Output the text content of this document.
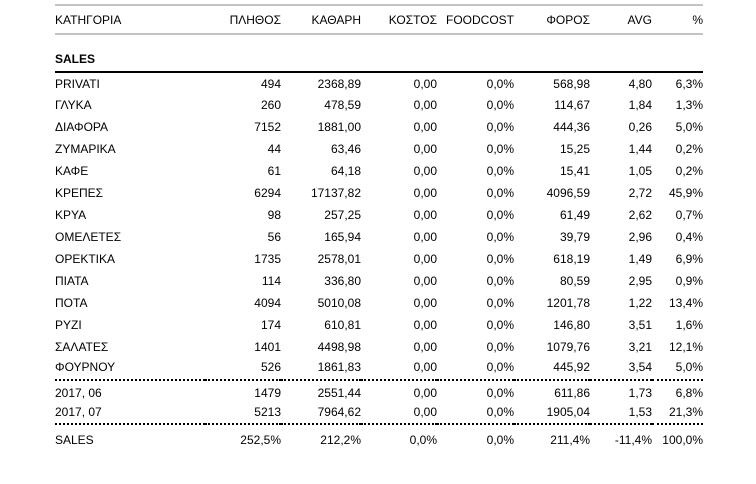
ΚΑΤΗΓΟΡΙΑ	ΠΛΗΘΟΣ	ΚΑΘΑΡΗ	ΚΟΣΤΟΣ	FOODCOST	ΦΟΡΟΣ	AVG	%
SALES							
PRIVATI	494	2368,89	0,00	0,0%	568,98	4,80	6,3%
ΓΛΥΚΑ	260	478,59	0,00	0,0%	114,67	1,84	1,3%
ΔΙΑΦΟΡΑ	7152	1881,00	0,00	0,0%	444,36	0,26	5,0%
ΖΥΜΑΡΙΚΑ	44	63,46	0,00	0,0%	15,25	1,44	0,2%
ΚΑΦΕ	61	64,18	0,00	0,0%	15,41	1,05	0,2%
ΚΡΕΠΕΣ	6294	17137,82	0,00	0,0%	4096,59	2,72	45,9%
ΚΡΥΑ	98	257,25	0,00	0,0%	61,49	2,62	0,7%
ΟΜΕΛΕΤΕΣ	56	165,94	0,00	0,0%	39,79	2,96	0,4%
ΟΡΕΚΤΙΚΑ	1735	2578,01	0,00	0,0%	618,19	1,49	6,9%
ΠΙΑΤΑ	114	336,80	0,00	0,0%	80,59	2,95	0,9%
ΠΟΤΑ	4094	5010,08	0,00	0,0%	1201,78	1,22	13,4%
ΡΥΖΙ	174	610,81	0,00	0,0%	146,80	3,51	1,6%
ΣΑΛΑΤΕΣ	1401	4498,98	0,00	0,0%	1079,76	3,21	12,1%
ΦΟΥΡΝΟΥ	526	1861,83	0,00	0,0%	445,92	3,54	5,0%
2017, 06	1479	2551,44	0,00	0,0%	611,86	1,73	6,8%
2017, 07	5213	7964,62	0,00	0,0%	1905,04	1,53	21,3%
SALES	252,5%	212,2%	0,0%	0,0%	211,4%	-11,4%	100,0%
